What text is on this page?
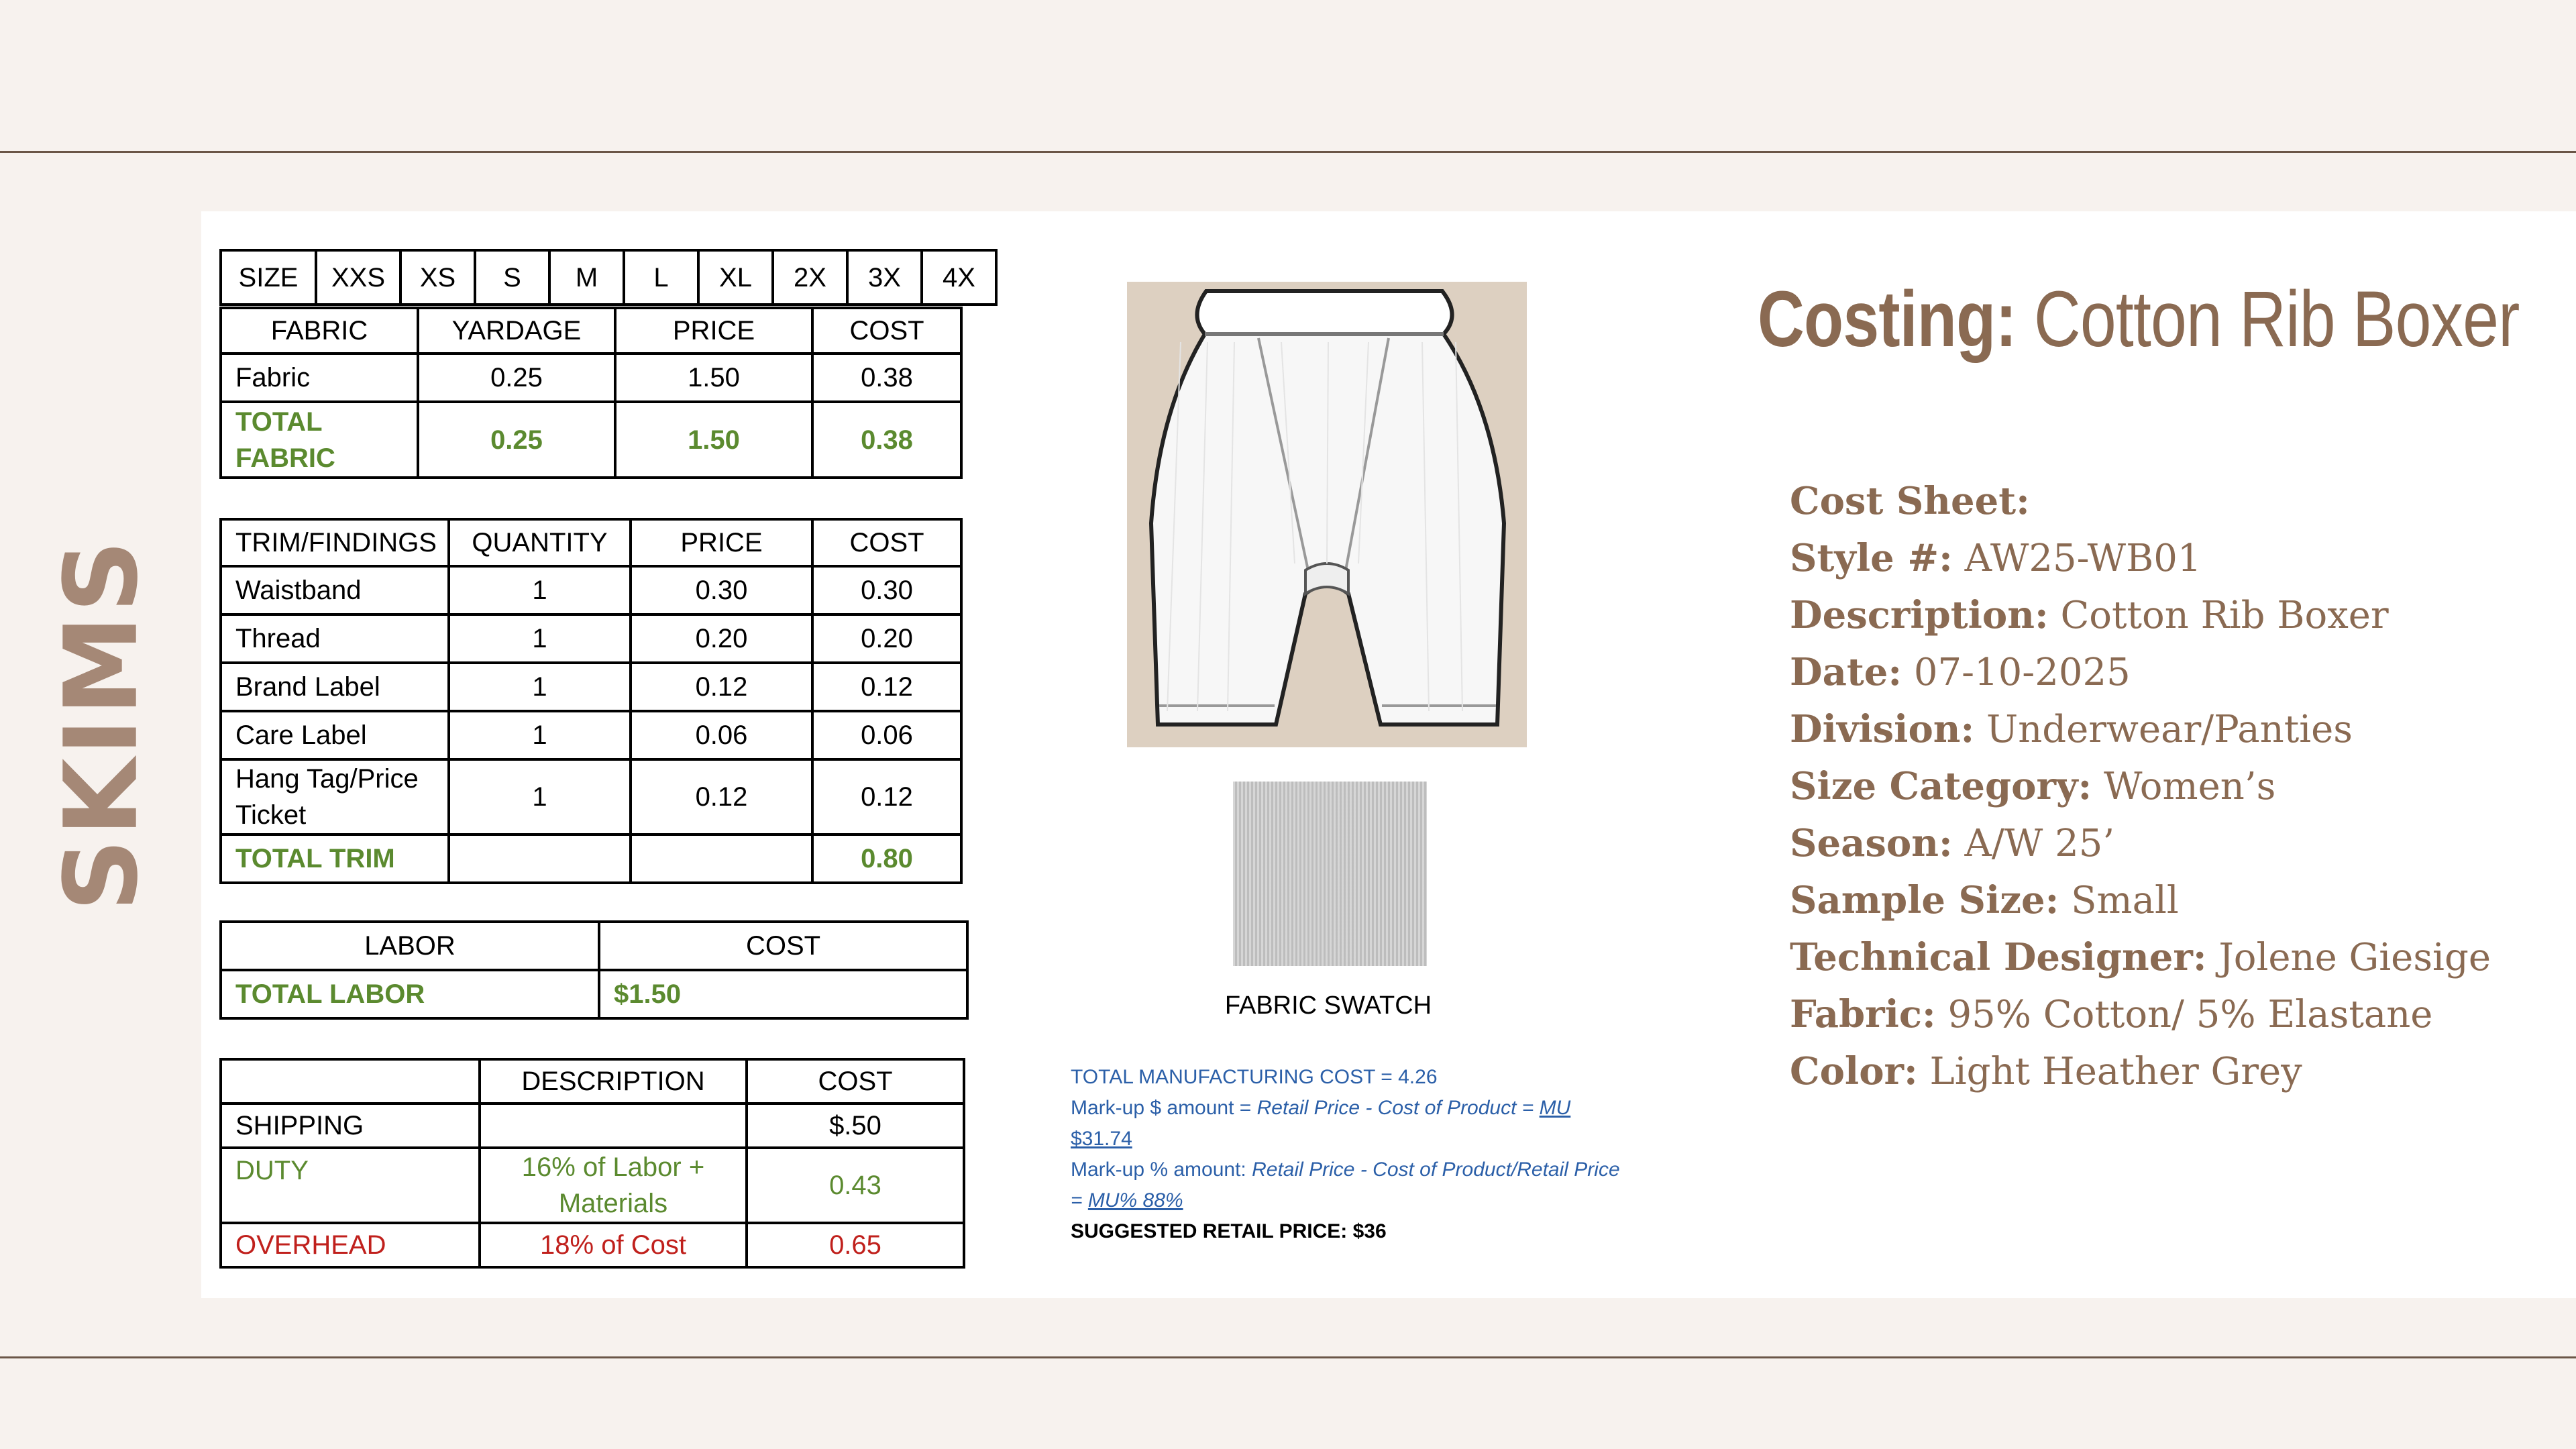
SKIMS
SIZE	XXS	XS	S	M	L	XL	2X	3X	4X
FABRIC	YARDAGE	PRICE	COST
Fabric	0.25	1.50	0.38
TOTAL FABRIC	0.25	1.50	0.38
TRIM/FINDINGS	QUANTITY	PRICE	COST
Waistband	1	0.30	0.30
Thread	1	0.20	0.20
Brand Label	1	0.12	0.12
Care Label	1	0.06	0.06
Hang Tag/Price Ticket	1	0.12	0.12
TOTAL TRIM			0.80
LABOR	COST
TOTAL LABOR	$1.50
	DESCRIPTION	COST
SHIPPING		$.50
DUTY	16% of Labor + Materials	0.43
OVERHEAD	18% of Cost	0.65
FABRIC SWATCH
TOTAL MANUFACTURING COST = 4.26
Mark-up $ amount = Retail Price - Cost of Product = MU
$31.74
Mark-up % amount: Retail Price - Cost of Product/Retail Price
= MU% 88%
SUGGESTED RETAIL PRICE: $36
Costing: Cotton Rib Boxer
Cost Sheet:
Style #: AW25-WB01
Description: Cotton Rib Boxer
Date: 07-10-2025
Division: Underwear/Panties
Size Category: Women’s
Season: A/W 25’
Sample Size: Small
Technical Designer: Jolene Giesige
Fabric: 95% Cotton/ 5% Elastane
Color: Light Heather Grey
